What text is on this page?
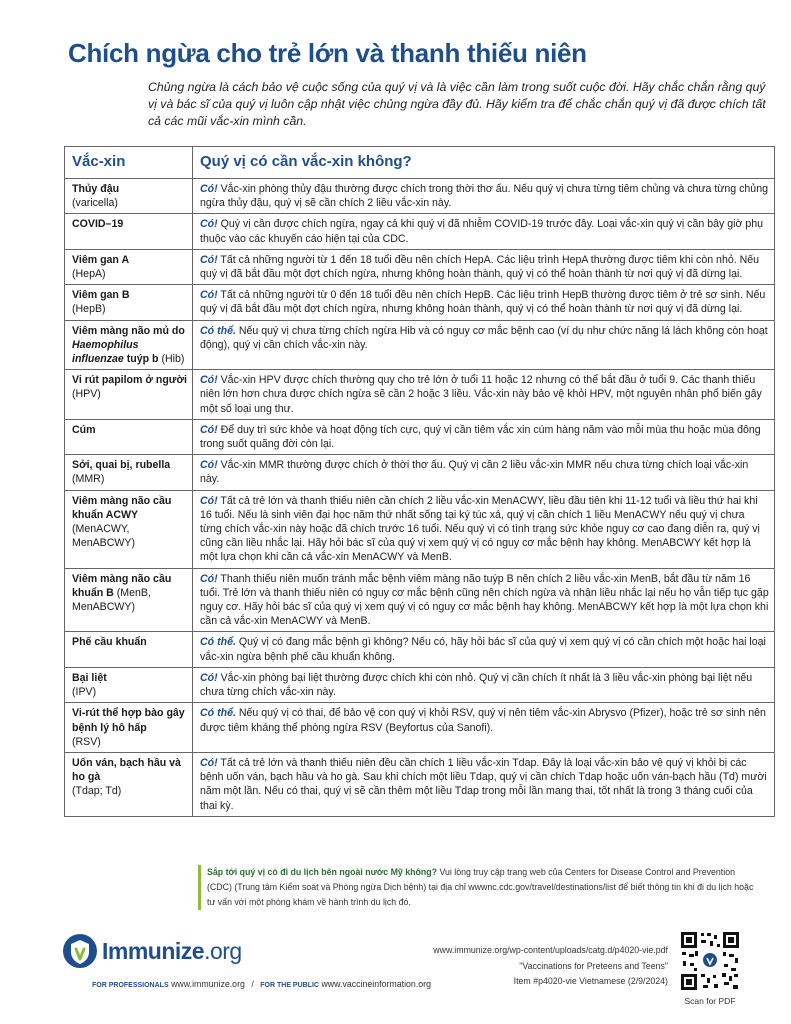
Chích ngừa cho trẻ lớn và thanh thiếu niên
Chủng ngừa là cách bảo vệ cuộc sống của quý vị và là việc cần làm trong suốt cuộc đời. Hãy chắc chắn rằng quý vị và bác sĩ của quý vị luôn cập nhật việc chủng ngừa đầy đủ. Hãy kiểm tra để chắc chắn quý vị đã được chích tất cả các mũi vắc-xin mình cần.
Vắc-xin	Quý vị có cần vắc-xin không?
Thủy đậu
(varicella)	Có! Vắc-xin phòng thủy đậu thường được chích trong thời thơ ấu. Nếu quý vị chưa từng tiêm chủng và chưa từng chủng ngừa thủy đậu, quý vị sẽ cần chích 2 liều vắc-xin này.
COVID–19	Có! Quý vị cần được chích ngừa, ngay cả khi quý vị đã nhiễm COVID-19 trước đây. Loại vắc-xin quý vị cần bây giờ phụ thuộc vào các khuyến cáo hiện tại của CDC.
Viêm gan A
(HepA)	Có! Tất cả những người từ 1 đến 18 tuổi đều nên chích HepA. Các liệu trình HepA thường được tiêm khi còn nhỏ. Nếu quý vị đã bắt đầu một đợt chích ngừa, nhưng không hoàn thành, quý vị có thể hoàn thành từ nơi quý vị đã dừng lại.
Viêm gan B
(HepB)	Có! Tất cả những người từ 0 đến 18 tuổi đều nên chích HepB. Các liệu trình HepB thường được tiêm ở trẻ sơ sinh. Nếu quý vị đã bắt đầu một đợt chích ngừa, nhưng không hoàn thành, quý vị có thể hoàn thành từ nơi quý vị đã dừng lại.
Viêm màng não mủ do Haemophilus influenzae tuýp b (Hib)	Có thể. Nếu quý vị chưa từng chích ngừa Hib và có nguy cơ mắc bệnh cao (ví dụ như chức năng lá lách không còn hoạt động), quý vị cần chích vắc-xin này.
Vi rút papilom ở người
(HPV)	Có! Vắc-xin HPV được chích thường quy cho trẻ lớn ở tuổi 11 hoặc 12 nhưng có thể bắt đầu ở tuổi 9. Các thanh thiếu niên lớn hơn chưa được chích ngừa sẽ cần 2 hoặc 3 liều. Vắc-xin này bảo vệ khỏi HPV, một nguyên nhân phổ biến gây một số loại ung thư.
Cúm	Có! Để duy trì sức khỏe và hoạt động tích cực, quý vị cần tiêm vắc xin cúm hàng năm vào mỗi mùa thu hoặc mùa đông trong suốt quãng đời còn lại.
Sởi, quai bị, rubella (MMR)	Có! Vắc-xin MMR thường được chích ở thời thơ ấu. Quý vị cần 2 liều vắc-xin MMR nếu chưa từng chích loại vắc-xin này.
Viêm màng não cầu khuẩn ACWY
(MenACWY, MenABCWY)	Có! Tất cả trẻ lớn và thanh thiếu niên cần chích 2 liều vắc-xin MenACWY, liều đầu tiên khi 11-12 tuổi và liều thứ hai khi 16 tuổi. Nếu là sinh viên đại học năm thứ nhất sống tại ký túc xá, quý vị cần chích 1 liều MenACWY nếu quý vị chưa từng chích vắc-xin này hoặc đã chích trước 16 tuổi. Nếu quý vị có tình trạng sức khỏe nguy cơ cao đang diễn ra, quý vị cũng cần liều nhắc lại. Hãy hỏi bác sĩ của quý vị xem quý vị có nguy cơ mắc bệnh hay không. MenABCWY kết hợp là một lựa chọn khi cần cả vắc-xin MenACWY và MenB.
Viêm màng não cầu khuẩn B (MenB, MenABCWY)	Có! Thanh thiếu niên muốn tránh mắc bệnh viêm màng não tuýp B nên chích 2 liều vắc-xin MenB, bắt đầu từ năm 16 tuổi. Trẻ lớn và thanh thiếu niên có nguy cơ mắc bệnh cũng nên chích ngừa và nhận liều nhắc lại nếu họ vẫn tiếp tục gặp nguy cơ. Hãy hỏi bác sĩ của quý vị xem quý vị có nguy cơ mắc bệnh hay không. MenABCWY kết hợp là một lựa chọn khi cần cả vắc-xin MenACWY và MenB.
Phế cầu khuẩn	Có thể. Quý vị có đang mắc bệnh gì không? Nếu có, hãy hỏi bác sĩ của quý vị xem quý vị có cần chích một hoặc hai loại vắc-xin ngừa bệnh phế cầu khuẩn không.
Bại liệt
(IPV)	Có! Vắc-xin phòng bại liệt thường được chích khi còn nhỏ. Quý vị cần chích ít nhất là 3 liều vắc-xin phòng bại liệt nếu chưa từng chích vắc-xin này.
Vi-rút thể hợp bào gây bệnh lý hô hấp
(RSV)	Có thể. Nếu quý vị có thai, để bảo vệ con quý vị khỏi RSV, quý vị nên tiêm vắc-xin Abrysvo (Pfizer), hoặc trẻ sơ sinh nên được tiêm kháng thể phòng ngừa RSV (Beyfortus của Sanofi).
Uốn ván, bạch hầu và ho gà
(Tdap; Td)	Có! Tất cả trẻ lớn và thanh thiếu niên đều cần chích 1 liều vắc-xin Tdap. Đây là loại vắc-xin bảo vệ quý vị khỏi bị các bệnh uốn ván, bạch hầu và ho gà. Sau khi chích một liều Tdap, quý vị cần chích Tdap hoặc uốn ván-bạch hầu (Td) mười năm một lần. Nếu có thai, quý vị sẽ cần thêm một liều Tdap trong mỗi lần mang thai, tốt nhất là trong 3 tháng cuối của thai kỳ.
Sắp tới quý vị có đi du lịch bên ngoài nước Mỹ không? Vui lòng truy cập trang web của Centers for Disease Control and Prevention (CDC) (Trung tâm Kiểm soát và Phòng ngừa Dịch bệnh) tại địa chỉ wwwnc.cdc.gov/travel/destinations/list để biết thông tin khi đi du lịch hoặc tư vấn với một phòng khám về hành trình du lịch đó.
Immunize.org
FOR PROFESSIONALS www.immunize.org / FOR THE PUBLIC www.vaccineinformation.org
www.immunize.org/wp-content/uploads/catg.d/p4020-vie.pdf
"Vaccinations for Preteens and Teens"
Item #p4020-vie Vietnamese (2/9/2024)
Scan for PDF
